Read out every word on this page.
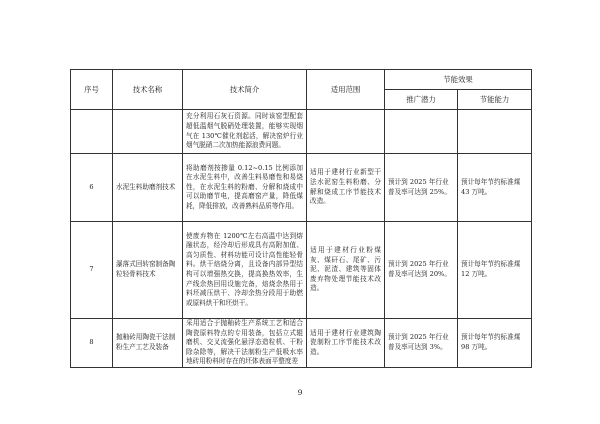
序号	技术名称	技术简介	适用范围	节能效果	
				推广潜力	节能能力

		充分利用石灰石资源。同时该窑型配套超低温烟气脱硝处理装置，能够实现烟气在 130℃催化剂起活，解决窑炉行业烟气脱硝二次加热能源浪费问题。			

6	水泥生料助磨剂技术	将助磨剂按掺量 0.12~0.15 比例添加在水泥生料中，改善生料易磨性和易烧性，在水泥生料的粉磨、分解和烧成中可以助磨节电，提高磨窑产量，降低煤耗，降低排放，改善熟料品质等作用。	适用于建材行业新型干法水泥窑生料粉磨、分解和烧成工序节能技术改造。	预计到 2025 年行业普及率可达到 25%。	预计每年节约标准煤 43 万吨。

7	瀑落式回转窑制备陶粒轻骨料技术	使废弃物在 1200℃左右高温中达到熔融状态，经冷却后形成具有高附加值、高匀质性、材料功能可设计高性能轻骨料。烘干焙烧分离，且设备内部异型结构可以增强热交换，提高换热效率，生产线余热回用设施完备，焙烧余热用于料坯减压烘干、冷却余热分段用于助燃或原料烘干和坯烘干。	适用于建材行业粉煤灰、煤矸石、尾矿、污泥、泥渣、建筑等固体废弃物处理节能技术改造。	预计到 2025 年行业普及率可达到 20%。	预计每年节约标准煤 12 万吨。

8	抛釉砖用陶瓷干法制粉生产工艺及装备	采用适合于抛釉砖生产系统工艺和适合陶瓷原料特点的专用装备，包括立式辊磨机、交叉流强化悬浮态造粒机、干粉除杂除等，解决干法制粉生产低吸水率地砖用粉料时存在的坯体表面平整度差	适用于建材行业建筑陶瓷制粉工序节能技术改造。	预计到 2025 年行业普及率可达到 3%。	预计每年节约标准煤 98 万吨。
9
